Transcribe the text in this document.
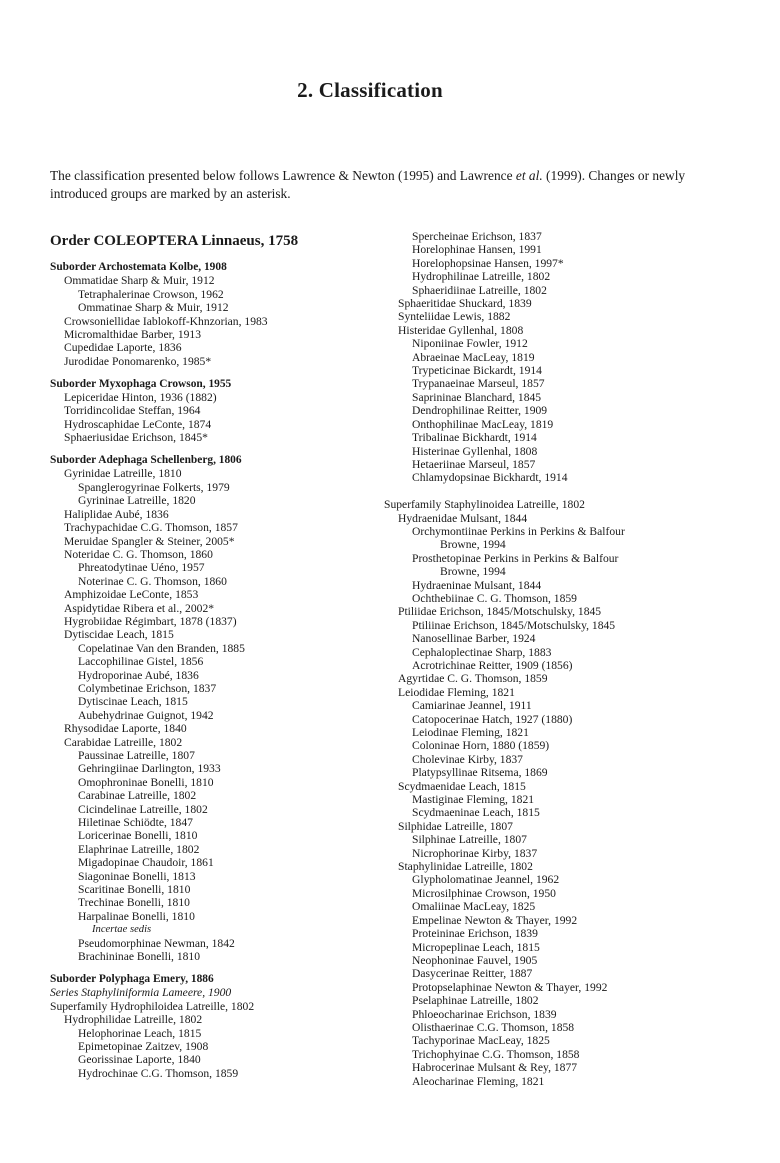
2. Classification
The classification presented below follows Lawrence & Newton (1995) and Lawrence et al. (1999). Changes or newly introduced groups are marked by an asterisk.
Order COLEOPTERA Linnaeus, 1758
Suborder Archostemata Kolbe, 1908
Ommatidae Sharp & Muir, 1912
Tetraphalerinae Crowson, 1962
Ommatinae Sharp & Muir, 1912
Crowsoniellidae Iablokoff-Khnzorian, 1983
Micromalthidae Barber, 1913
Cupedidae Laporte, 1836
Jurodidae Ponomarenko, 1985*
Suborder Myxophaga Crowson, 1955
Lepiceridae Hinton, 1936 (1882)
Torridincolidae Steffan, 1964
Hydroscaphidae LeConte, 1874
Sphaeriusidae Erichson, 1845*
Suborder Adephaga Schellenberg, 1806
Gyrinidae Latreille, 1810
Spanglerogyrinae Folkerts, 1979
Gyrininae Latreille, 1820
Haliplidae Aubé, 1836
Trachypachidae C.G. Thomson, 1857
Meruidae Spangler & Steiner, 2005*
Noteridae C. G. Thomson, 1860
Phreatodytinae Uéno, 1957
Noterinae C. G. Thomson, 1860
Amphizoidae LeConte, 1853
Aspidytidae Ribera et al., 2002*
Hygrobiidae Régimbart, 1878 (1837)
Dytiscidae Leach, 1815
Copelatinae Van den Branden, 1885
Laccophilinae Gistel, 1856
Hydroporinae Aubé, 1836
Colymbetinae Erichson, 1837
Dytiscinae Leach, 1815
Aubehydrinae Guignot, 1942
Rhysodidae Laporte, 1840
Carabidae Latreille, 1802
Paussinae Latreille, 1807
Gehringiinae Darlington, 1933
Omophroninae Bonelli, 1810
Carabinae Latreille, 1802
Cicindelinae Latreille, 1802
Hiletinae Schiödte, 1847
Loricerinae Bonelli, 1810
Elaphrinae Latreille, 1802
Migadopinae Chaudoir, 1861
Siagoninae Bonelli, 1813
Scaritinae Bonelli, 1810
Trechinae Bonelli, 1810
Harpalinae Bonelli, 1810
Incertae sedis
Pseudomorphinae Newman, 1842
Brachininae Bonelli, 1810
Suborder Polyphaga Emery, 1886
Series Staphyliniformia Lameere, 1900
Superfamily Hydrophiloidea Latreille, 1802
Hydrophilidae Latreille, 1802
Helophorinae Leach, 1815
Epimetopinae Zaitzev, 1908
Georissinae Laporte, 1840
Hydrochinae C.G. Thomson, 1859
Spercheinae Erichson, 1837
Horelophinae Hansen, 1991
Horelophopsinae Hansen, 1997*
Hydrophilinae Latreille, 1802
Sphaeridiinae Latreille, 1802
Sphaeritidae Shuckard, 1839
Synteliidae Lewis, 1882
Histeridae Gyllenhal, 1808
Niponiinae Fowler, 1912
Abraeinae MacLeay, 1819
Trypeticinae Bickardt, 1914
Trypanaeinae Marseul, 1857
Saprininae Blanchard, 1845
Dendrophilinae Reitter, 1909
Onthophilinae MacLeay, 1819
Tribalinae Bickhardt, 1914
Histerinae Gyllenhal, 1808
Hetaeriinae Marseul, 1857
Chlamydopsinae Bickhardt, 1914
Superfamily Staphylinoidea Latreille, 1802
Hydraenidae Mulsant, 1844
Orchymontiinae Perkins in Perkins & Balfour
Browne, 1994
Prosthetopinae Perkins in Perkins & Balfour
Browne, 1994
Hydraeninae Mulsant, 1844
Ochthebiinae C. G. Thomson, 1859
Ptiliidae Erichson, 1845/Motschulsky, 1845
Ptiliinae Erichson, 1845/Motschulsky, 1845
Nanosellinae Barber, 1924
Cephaloplectinae Sharp, 1883
Acrotrichinae Reitter, 1909 (1856)
Agyrtidae C. G. Thomson, 1859
Leiodidae Fleming, 1821
Camiarinae Jeannel, 1911
Catopocerinae Hatch, 1927 (1880)
Leiodinae Fleming, 1821
Coloninae Horn, 1880 (1859)
Cholevinae Kirby, 1837
Platypsyllinae Ritsema, 1869
Scydmaenidae Leach, 1815
Mastiginae Fleming, 1821
Scydmaeninae Leach, 1815
Silphidae Latreille, 1807
Silphinae Latreille, 1807
Nicrophorinae Kirby, 1837
Staphylinidae Latreille, 1802
Glypholomatinae Jeannel, 1962
Microsilphinae Crowson, 1950
Omaliinae MacLeay, 1825
Empelinae Newton & Thayer, 1992
Proteininae Erichson, 1839
Micropeplinae Leach, 1815
Neophoninae Fauvel, 1905
Dasycerinae Reitter, 1887
Protopselaphinae Newton & Thayer, 1992
Pselaphinae Latreille, 1802
Phloeocharinae Erichson, 1839
Olisthaerinae C.G. Thomson, 1858
Tachyporinae MacLeay, 1825
Trichophyinae C.G. Thomson, 1858
Habrocerinae Mulsant & Rey, 1877
Aleocharinae Fleming, 1821
